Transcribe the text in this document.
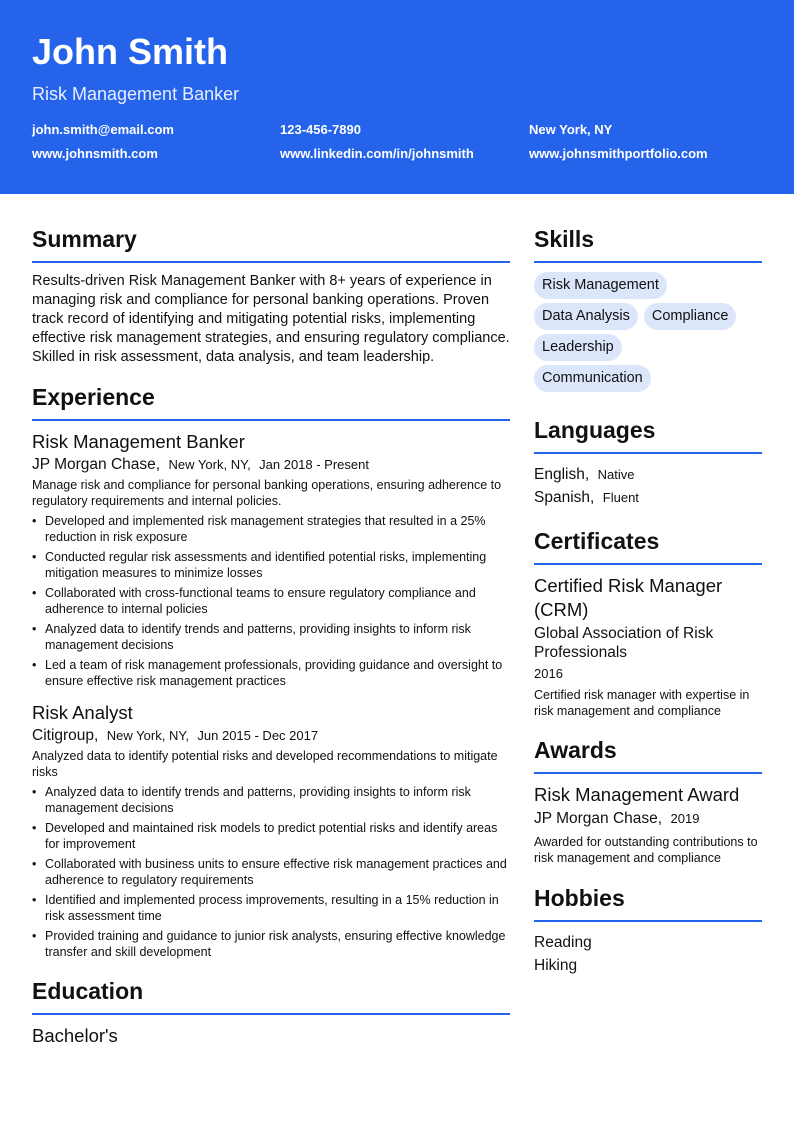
John Smith
Risk Management Banker
john.smith@email.com	123-456-7890	New York, NY
www.johnsmith.com	www.linkedin.com/in/johnsmith	www.johnsmithportfolio.com
Summary
Results-driven Risk Management Banker with 8+ years of experience in managing risk and compliance for personal banking operations. Proven track record of identifying and mitigating potential risks, implementing effective risk management strategies, and ensuring regulatory compliance. Skilled in risk assessment, data analysis, and team leadership.
Experience
Risk Management Banker
JP Morgan Chase, New York, NY, Jan 2018 - Present
Manage risk and compliance for personal banking operations, ensuring adherence to regulatory requirements and internal policies.
• Developed and implemented risk management strategies that resulted in a 25% reduction in risk exposure
• Conducted regular risk assessments and identified potential risks, implementing mitigation measures to minimize losses
• Collaborated with cross-functional teams to ensure regulatory compliance and adherence to internal policies
• Analyzed data to identify trends and patterns, providing insights to inform risk management decisions
• Led a team of risk management professionals, providing guidance and oversight to ensure effective risk management practices
Risk Analyst
Citigroup, New York, NY, Jun 2015 - Dec 2017
Analyzed data to identify potential risks and developed recommendations to mitigate risks
• Analyzed data to identify trends and patterns, providing insights to inform risk management decisions
• Developed and maintained risk models to predict potential risks and identify areas for improvement
• Collaborated with business units to ensure effective risk management practices and adherence to regulatory requirements
• Identified and implemented process improvements, resulting in a 15% reduction in risk assessment time
• Provided training and guidance to junior risk analysts, ensuring effective knowledge transfer and skill development
Education
Bachelor's
Skills
Risk Management
Data Analysis Compliance
Leadership
Communication
Languages
English, Native
Spanish, Fluent
Certificates
Certified Risk Manager (CRM)
Global Association of Risk Professionals
2016
Certified risk manager with expertise in risk management and compliance
Awards
Risk Management Award
JP Morgan Chase, 2019
Awarded for outstanding contributions to risk management and compliance
Hobbies
Reading
Hiking
